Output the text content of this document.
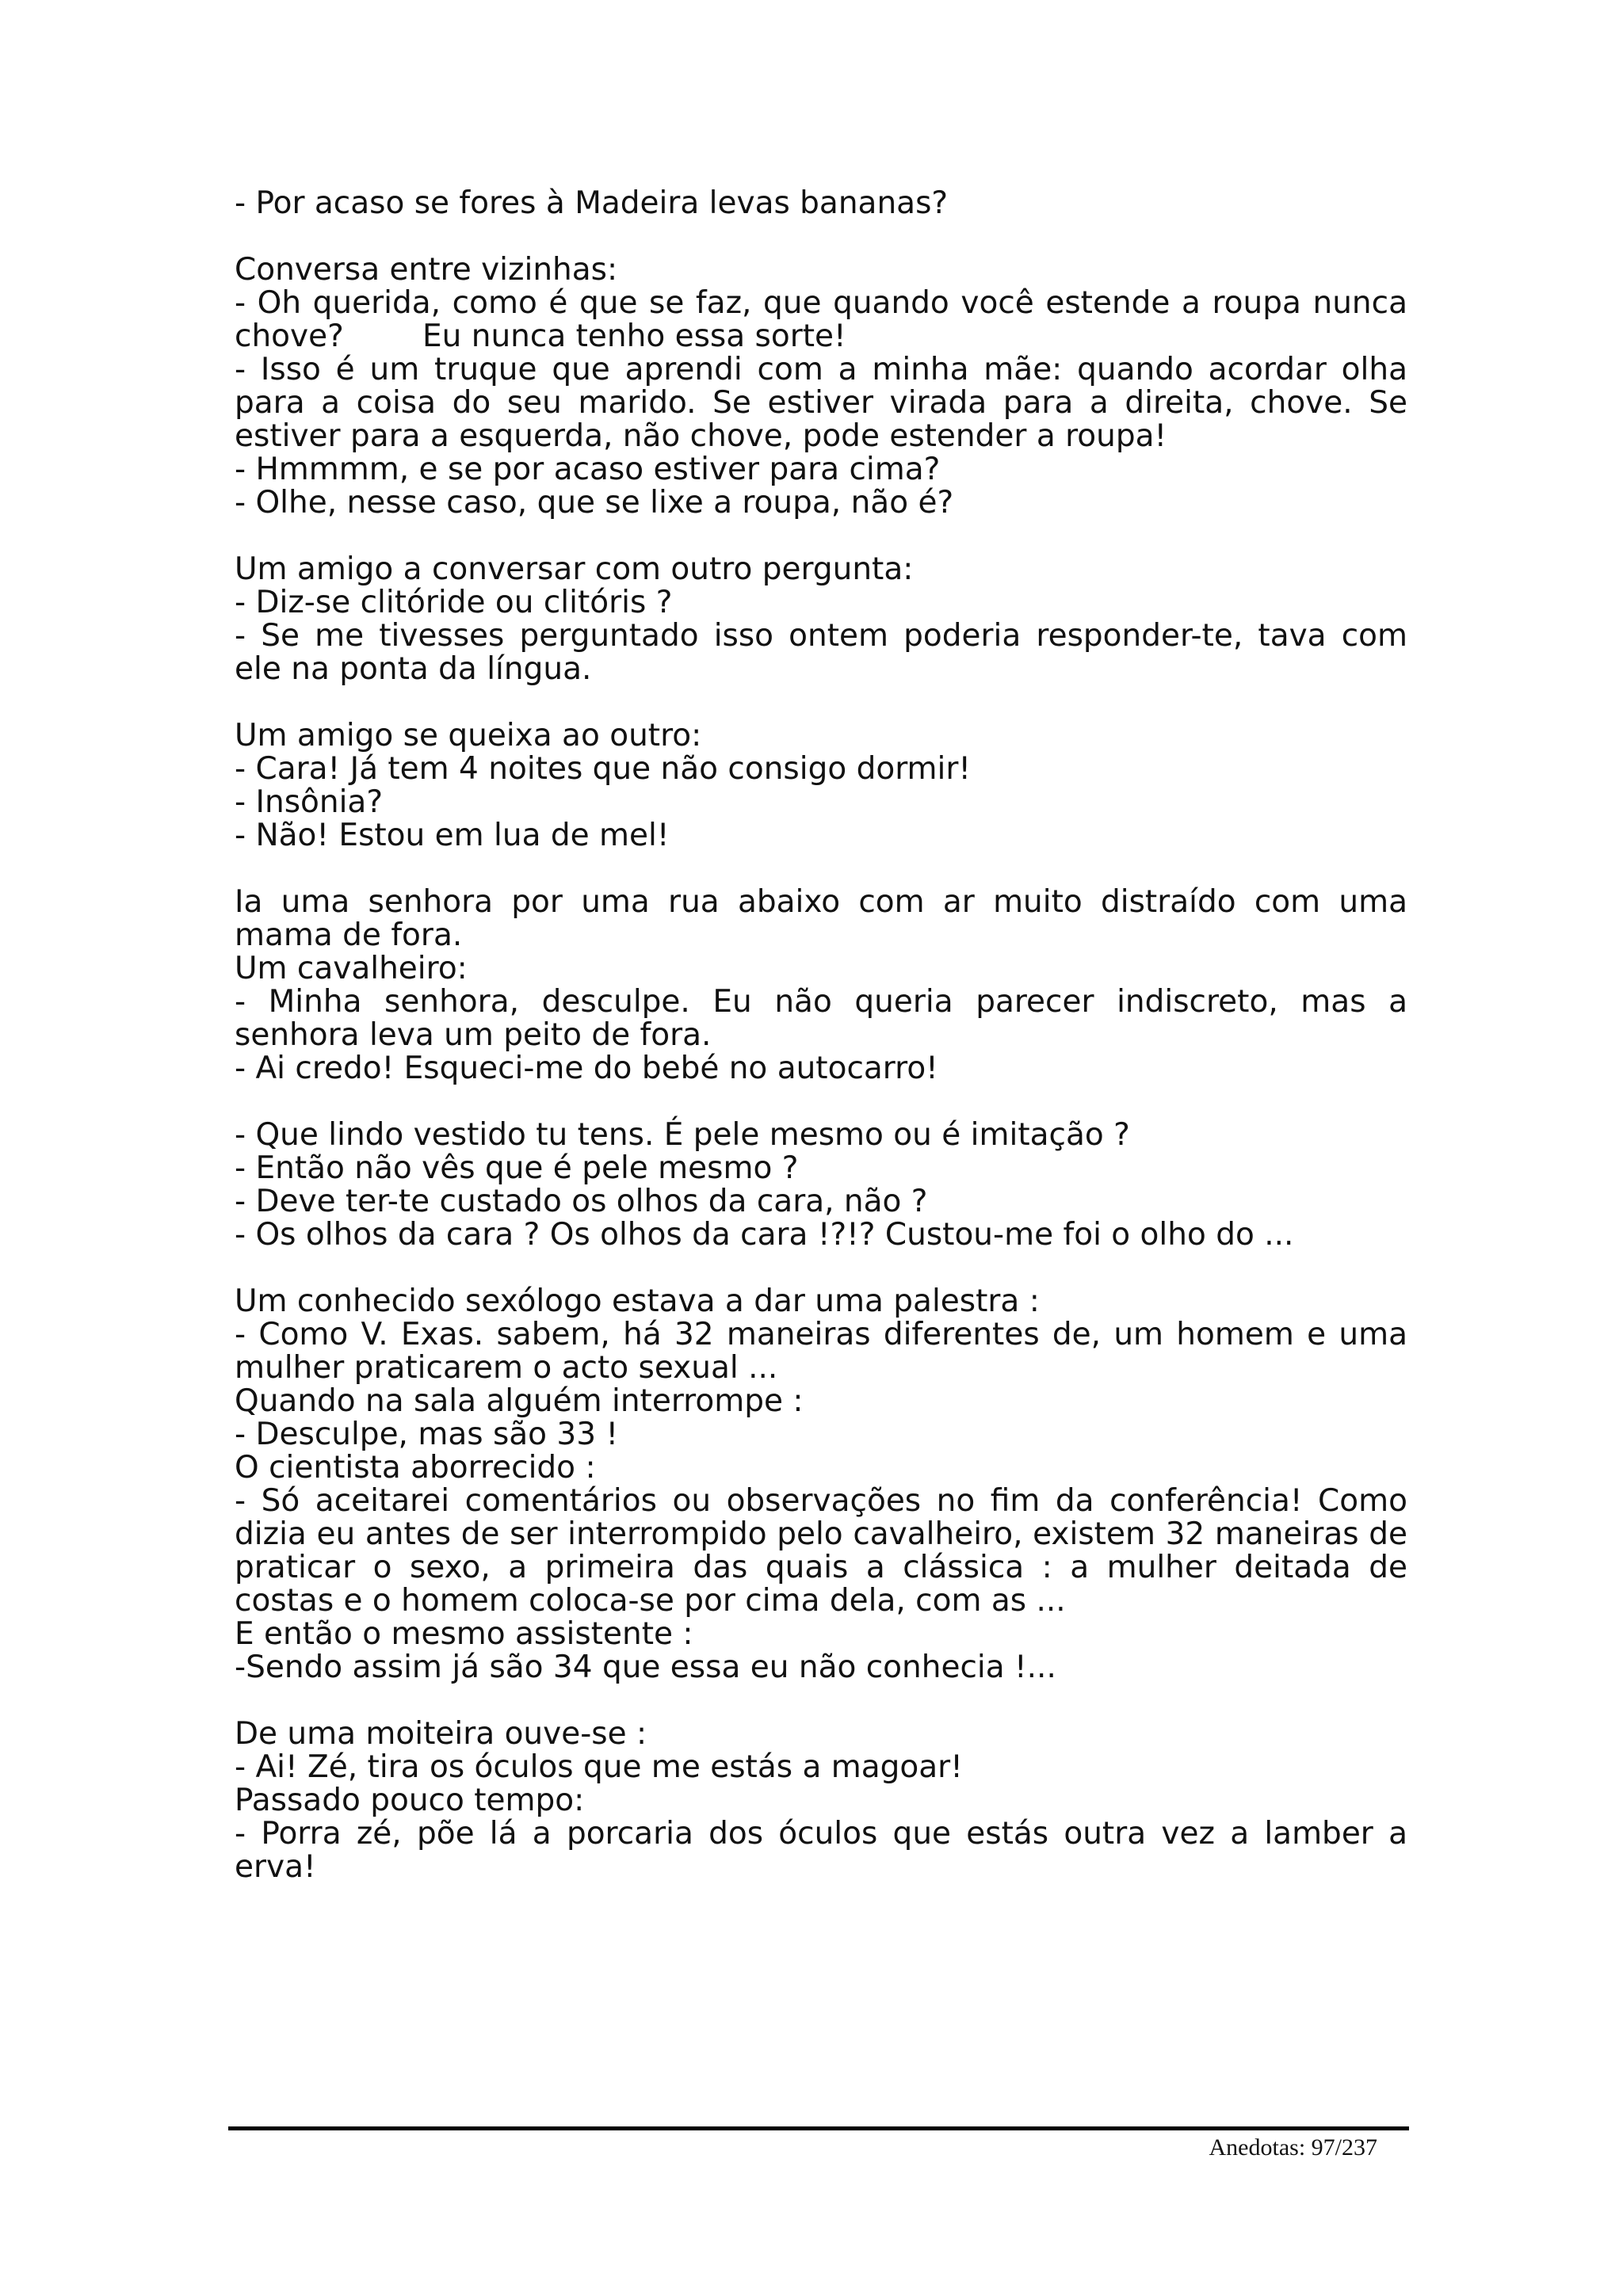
- Por acaso se fores à Madeira levas bananas?
Conversa entre vizinhas:
- Oh querida, como é que se faz, que quando você estende a roupa nunca chove?        Eu nunca tenho essa sorte!
- Isso é um truque que aprendi com a minha mãe: quando acordar olha para a coisa do seu marido. Se estiver virada para a direita, chove. Se estiver para a esquerda, não chove, pode estender a roupa!
- Hmmmm, e se por acaso estiver para cima?
- Olhe, nesse caso, que se lixe a roupa, não é?
Um amigo a conversar com outro pergunta:
- Diz-se clitóride ou clitóris ?
- Se me tivesses perguntado isso ontem poderia responder-te, tava com ele na ponta da língua.
Um amigo se queixa ao outro:
- Cara! Já tem 4 noites que não consigo dormir!
- Insônia?
- Não! Estou em lua de mel!
Ia uma senhora por uma rua abaixo com ar muito distraído com uma mama de fora.
Um cavalheiro:
- Minha senhora, desculpe. Eu não queria parecer indiscreto, mas a senhora leva um peito de fora.
- Ai credo! Esqueci-me do bebé no autocarro!
- Que lindo vestido tu tens. É pele mesmo ou é imitação ?
- Então não vês que é pele mesmo ?
- Deve ter-te custado os olhos da cara, não ?
- Os olhos da cara ? Os olhos da cara !?!? Custou-me foi o olho do ...
Um conhecido sexólogo estava a dar uma palestra :
- Como V. Exas. sabem, há 32 maneiras diferentes de, um homem e uma mulher praticarem o acto sexual ...
Quando na sala alguém interrompe :
- Desculpe, mas são 33 !
O cientista aborrecido :
- Só aceitarei comentários ou observações no fim da conferência! Como dizia eu antes de ser interrompido pelo cavalheiro, existem 32 maneiras de praticar o sexo, a primeira das quais a clássica : a mulher deitada de costas e o homem coloca-se por cima dela, com as ...
E então o mesmo assistente :
-Sendo assim já são 34 que essa eu não conhecia !...
De uma moiteira ouve-se :
- Ai! Zé, tira os óculos que me estás a magoar!
Passado pouco tempo:
- Porra zé, põe lá a porcaria dos óculos que estás outra vez a lamber a erva!
Anedotas: 97/237
